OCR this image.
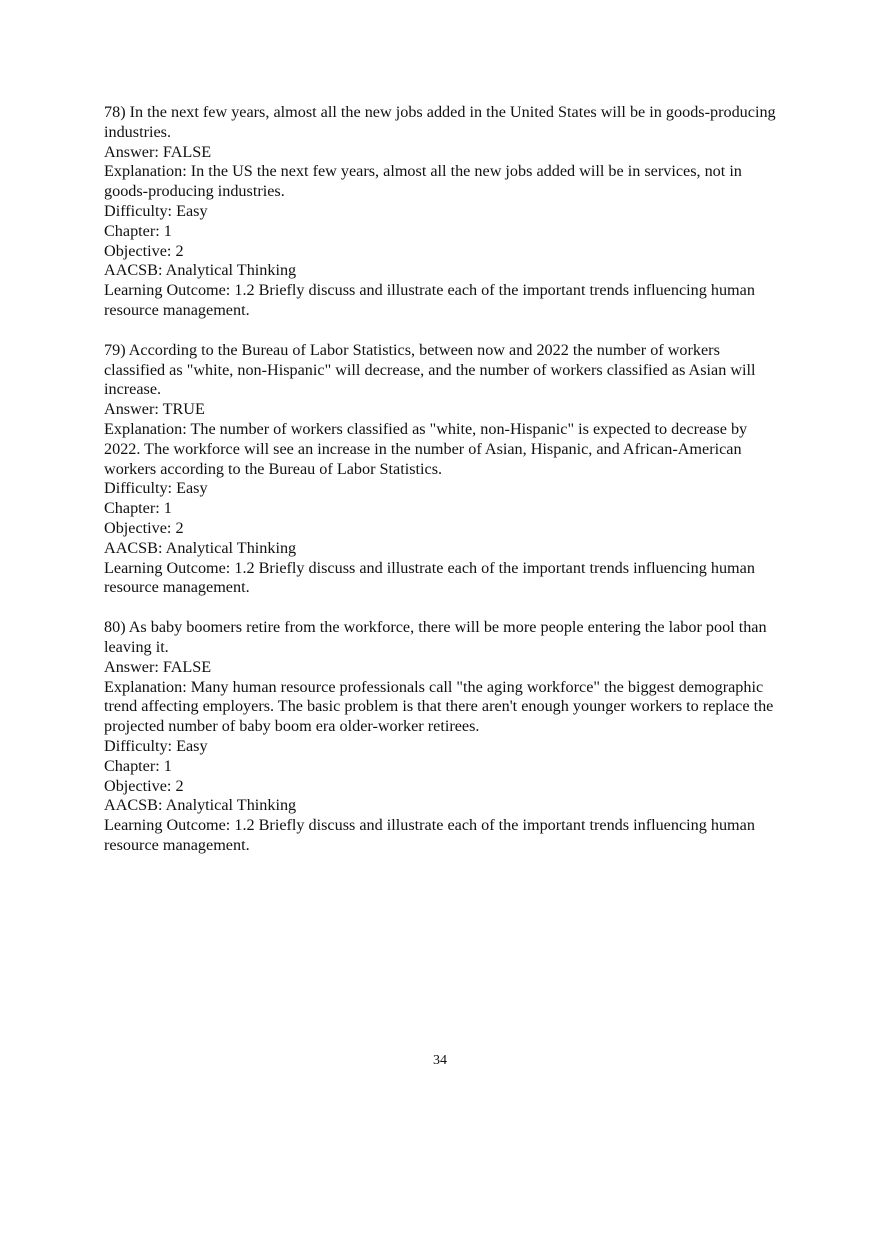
78) In the next few years, almost all the new jobs added in the United States will be in goods-producing industries.

Answer: FALSE

Explanation: In the US the next few years, almost all the new jobs added will be in services, not in goods-producing industries.

Difficulty: Easy

Chapter: 1

Objective: 2

AACSB: Analytical Thinking

Learning Outcome: 1.2 Briefly discuss and illustrate each of the important trends influencing human resource management.

79) According to the Bureau of Labor Statistics, between now and 2022 the number of workers classified as "white, non-Hispanic" will decrease, and the number of workers classified as Asian will increase.

Answer: TRUE

Explanation: The number of workers classified as "white, non-Hispanic" is expected to decrease by 2022. The workforce will see an increase in the number of Asian, Hispanic, and African-American workers according to the Bureau of Labor Statistics.

Difficulty: Easy

Chapter: 1

Objective: 2

AACSB: Analytical Thinking

Learning Outcome: 1.2 Briefly discuss and illustrate each of the important trends influencing human resource management.

80) As baby boomers retire from the workforce, there will be more people entering the labor pool than leaving it.

Answer: FALSE

Explanation: Many human resource professionals call "the aging workforce" the biggest demographic trend affecting employers. The basic problem is that there aren't enough younger workers to replace the projected number of baby boom era older-worker retirees.

Difficulty: Easy

Chapter: 1

Objective: 2

AACSB: Analytical Thinking

Learning Outcome: 1.2 Briefly discuss and illustrate each of the important trends influencing human resource management.

34
